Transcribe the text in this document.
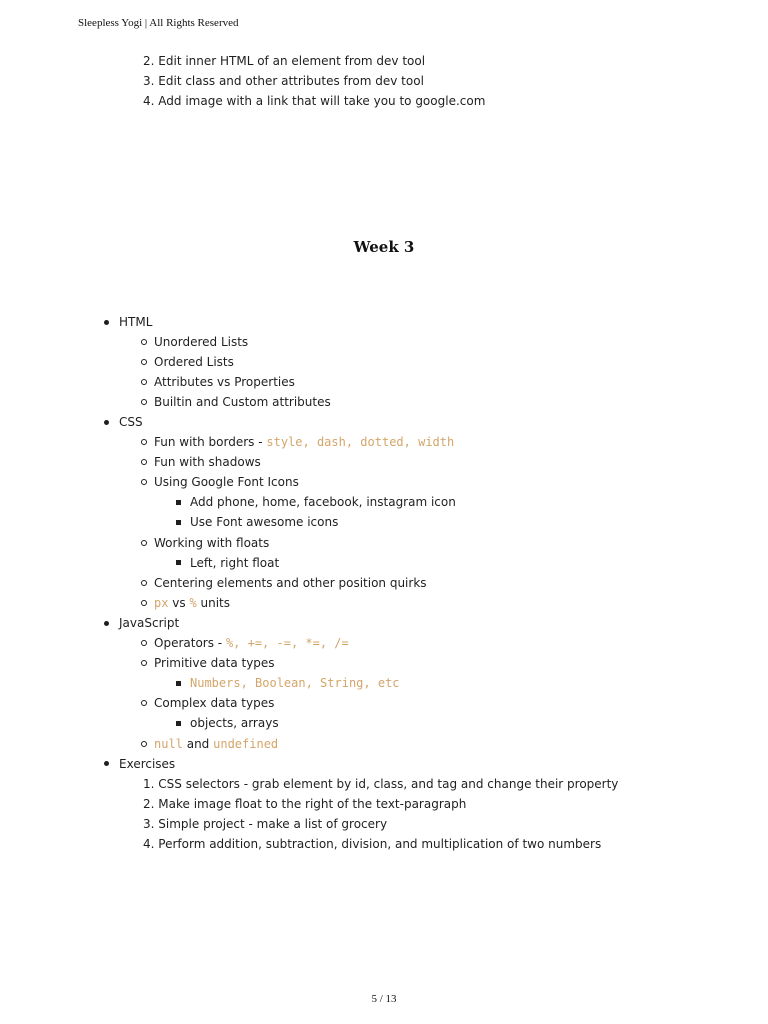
Sleepless Yogi | All Rights Reserved
2. Edit inner HTML of an element from dev tool
3. Edit class and other attributes from dev tool
4. Add image with a link that will take you to google.com
Week 3
HTML
Unordered Lists
Ordered Lists
Attributes vs Properties
Builtin and Custom attributes
CSS
Fun with borders - style, dash, dotted, width
Fun with shadows
Using Google Font Icons
Add phone, home, facebook, instagram icon
Use Font awesome icons
Working with floats
Left, right float
Centering elements and other position quirks
px vs % units
JavaScript
Operators - %, +=, -=, *=, /=
Primitive data types
Numbers, Boolean, String, etc
Complex data types
objects, arrays
null and undefined
Exercises
1. CSS selectors - grab element by id, class, and tag and change their property
2. Make image float to the right of the text-paragraph
3. Simple project - make a list of grocery
4. Perform addition, subtraction, division, and multiplication of two numbers
5 / 13
